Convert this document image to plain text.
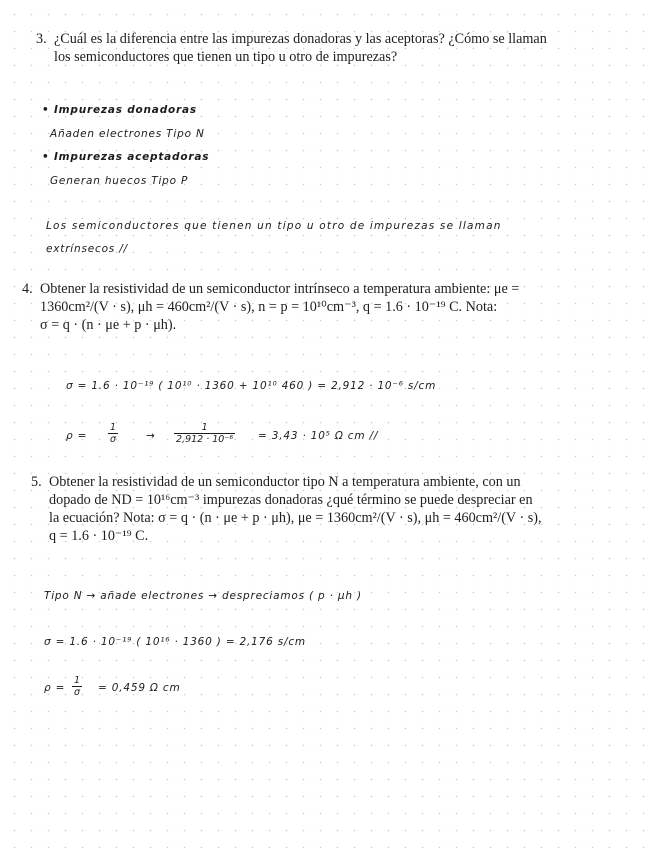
3. ¿Cuál es la diferencia entre las impurezas donadoras y las aceptoras? ¿Cómo se llaman
los semiconductores que tienen un tipo u otro de impurezas?
• Impurezas donadoras
Añaden electrones Tipo N
• Impurezas aceptadoras
Generan huecos Tipo P
Los semiconductores que tienen un tipo u otro de impurezas se llaman
extrínsecos //
4. Obtener la resistividad de un semiconductor intrínseco a temperatura ambiente: μe =
1360cm²/(V · s), μh = 460cm²/(V · s), n = p = 10¹⁰cm⁻³, q = 1.6 · 10⁻¹⁹ C. Nota:
σ = q · (n · μe + p · μh).
σ = 1.6 · 10⁻¹⁹ ( 10¹⁰ · 1360 + 10¹⁰ 460 ) = 2,912 · 10⁻⁶ s/cm
$\rho = \frac{1}{\sigma}$	→ $\frac{1}{\text{2,912 · 10⁻⁶}} = 3,43 \cdot 10^5$ Ω cm //
5. Obtener la resistividad de un semiconductor tipo N a temperatura ambiente, con un
dopado de ND = 10¹⁶cm⁻³ impurezas donadoras ¿qué término se puede despreciar en
la ecuación? Nota: σ = q · (n · μe + p · μh), μe = 1360cm²/(V · s), μh = 460cm²/(V · s),
q = 1.6 · 10⁻¹⁹ C.
Tipo N → añade electrones → despreciamos ( p · μh )
σ = 1.6 · 10⁻¹⁹ ( 10¹⁶ · 1360 ) = 2,176 s/cm
$\rho = \frac{1}{\sigma} = 0,459$ Ω cm
